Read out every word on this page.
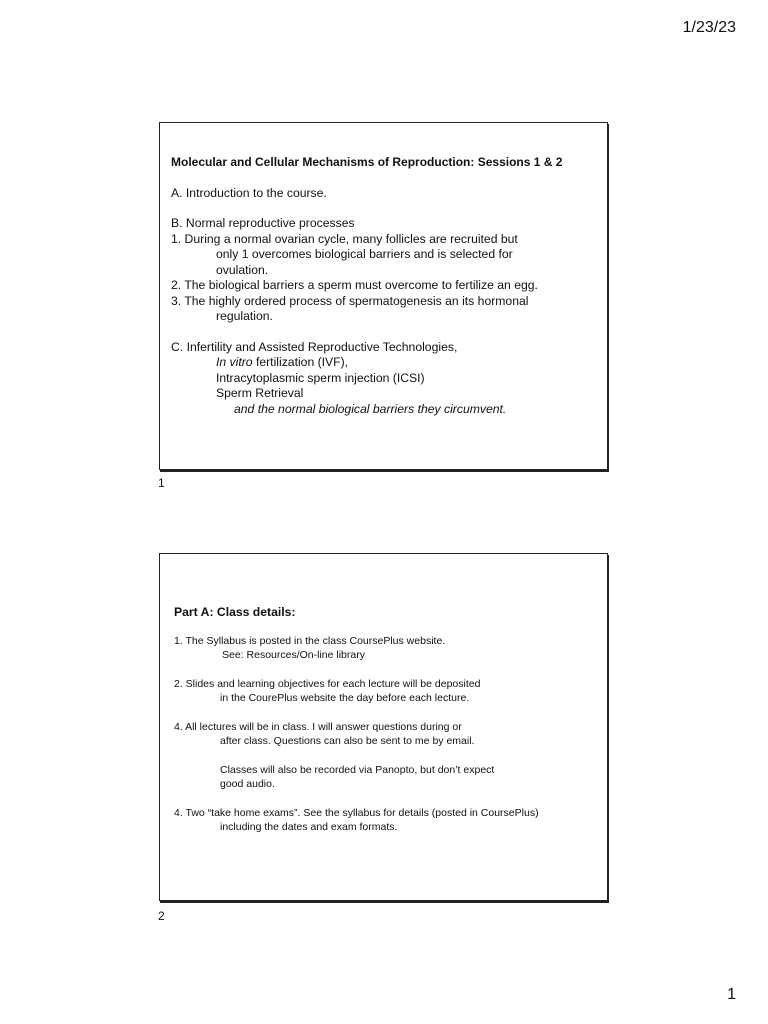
1/23/23
Molecular and Cellular Mechanisms of Reproduction: Sessions 1 & 2
A. Introduction to the course.
B. Normal reproductive processes
1. During a normal ovarian cycle, many follicles are recruited but
only 1 overcomes biological barriers and is selected for
ovulation.
2. The biological barriers a sperm must overcome to fertilize an egg.
3. The highly ordered process of spermatogenesis an its hormonal
regulation.
C. Infertility and Assisted Reproductive Technologies,
In vitro fertilization (IVF),
Intracytoplasmic sperm injection (ICSI)
Sperm Retrieval
and the normal biological barriers they circumvent.
1
Part A: Class details:
1. The Syllabus is posted in the class CoursePlus website.
See: Resources/On-line library
2. Slides and learning objectives for each lecture will be deposited
in the CourePlus website the day before each lecture.
4. All lectures will be in class. I will answer questions during or
after class. Questions can also be sent to me by email.
Classes will also be recorded via Panopto, but don’t expect
good audio.
4. Two “take home exams”. See the syllabus for details (posted in CoursePlus)
including the dates and exam formats.
2
1
